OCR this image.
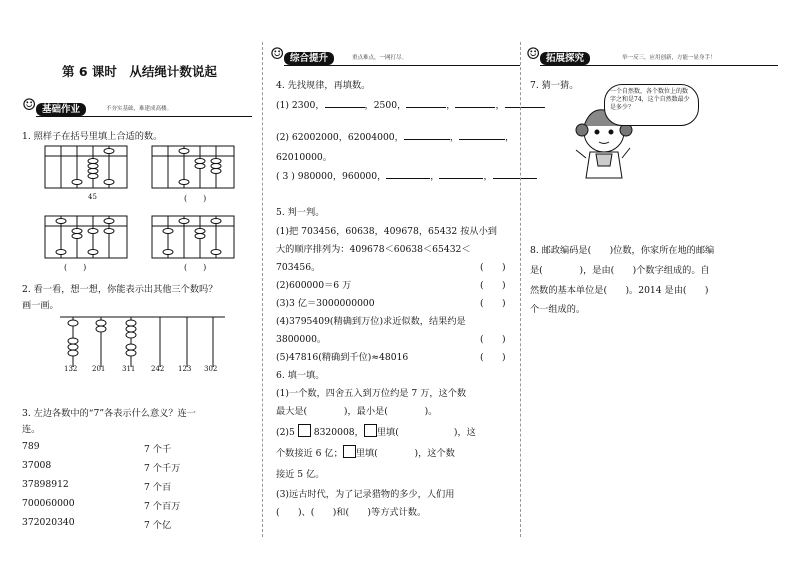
第 6 课时　从结绳计数说起
☺ 基础作业	不夯实基础，难建成高楼。
1. 照样子在括号里填上合适的数。
45	(　　)
(　　)	(　　)
2. 看一看，想一想，你能表示出其他三个数吗？
画一画。
132 201 311 242 123 302
3. 左边各数中的“7”各表示什么意义？连一
连。
789
37008
37898912
700060000
372020340
7 个千
7 个千万
7 个百
7 个百万
7 个亿
☺ 综合提升	重点难点，一网打尽。
4. 先找规律，再填数。
(1) 2300，	，2500，	，	，
(2) 62002000，62004000，	，	，
62010000。
( 3 ) 980000，960000，	，	，
5. 判一判。
(1)把 703456，60638，409678，65432 按从小到
大的顺序排列为：409678＜60638＜65432＜
703456。	(　　)
(2)600000＝6 万	(　　)
(3)3 亿＝3000000000	(　　)
(4)3795409(精确到万位)求近似数，结果约是
3800000。	(　　)
(5)47816(精确到千位)≈48016	(　　)
6. 填一填。
(1)一个数，四舍五入到万位约是 7 万，这个数
最大是(　　　　)，最小是(　　　　)。
(2)5 8320008， 里填(　　　　　　)，这
个数接近 6 亿； 里填(　　　　)，这个数
接近 5 亿。
(3)远古时代，为了记录猎物的多少，人们用
(　　)、(　　)和(　　)等方式计数。
☺ 拓展探究	举一反三，应用创新，方能一显身手！
7. 猜一猜。
一个自然数，各个数位上的数字之和是74，这个自然数最少是多少？
8. 邮政编码是(　　)位数，你家所在地的邮编
是(　　　　)，是由(　　)个数字组成的。自
然数的基本单位是(　　)。2014 是由(　　)
个一组成的。
